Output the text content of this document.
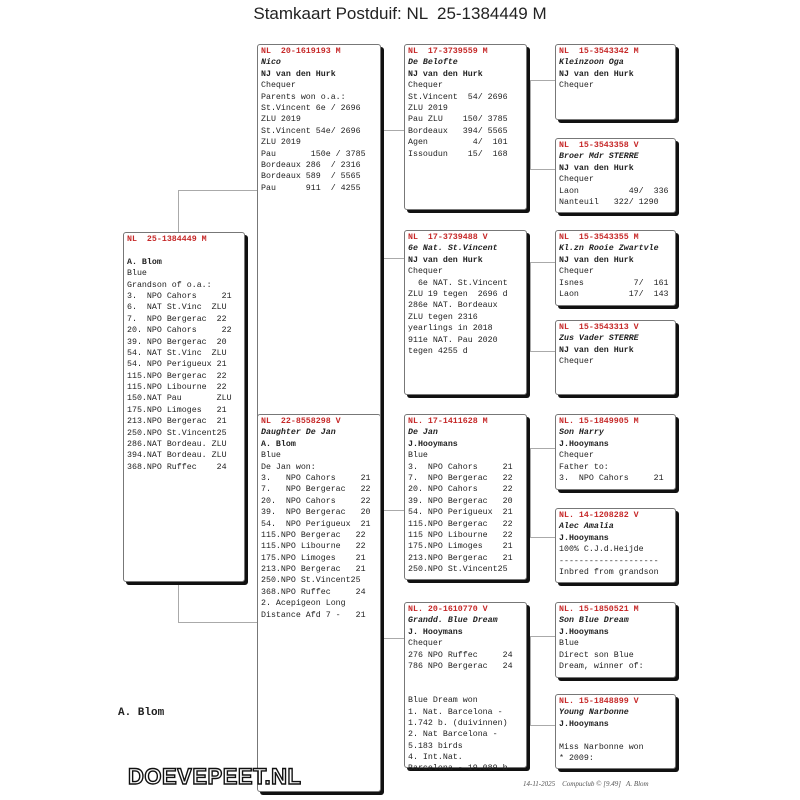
Stamkaart Postduif: NL  25-1384449 M
NL  25-1384449 M
A. Blom
Blue
Grandson of o.a.:
3.  NPO Cahors     21
6.  NAT St.Vinc  ZLU
7.  NPO Bergerac  22
20. NPO Cahors     22
39. NPO Bergerac  20
54. NAT St.Vinc  ZLU
54. NPO Perigueux 21
115.NPO Bergerac  22
115.NPO Libourne  22
150.NAT Pau       ZLU
175.NPO Limoges   21
213.NPO Bergerac  21
250.NPO St.Vincent25
286.NAT Bordeau. ZLU
394.NAT Bordeau. ZLU
368.NPO Ruffec    24
NL  20-1619193 M
Nico
NJ van den Hurk
Chequer
Parents won o.a.:
St.Vincent 6e / 2696
ZLU 2019
St.Vincent 54e/ 2696
ZLU 2019
Pau       150e / 3785
Bordeaux 286  / 2316
Bordeaux 589  / 5565
Pau      911  / 4255
NL  22-8558298 V
Daughter De Jan
A. Blom
Blue
De Jan won:
3.   NPO Cahors     21
7.   NPO Bergerac   22
20.  NPO Cahors     22
39.  NPO Bergerac   20
54.  NPO Perigueux  21
115.NPO Bergerac   22
115.NPO Libourne   22
175.NPO Limoges    21
213.NPO Bergerac   21
250.NPO St.Vincent25
368.NPO Ruffec     24
2. Acepigeon Long
Distance Afd 7 -   21
NL  17-3739559 M
De Belofte
NJ van den Hurk
Chequer
St.Vincent  54/ 2696
ZLU 2019
Pau ZLU    150/ 3785
Bordeaux   394/ 5565
Agen         4/  101
Issoudun    15/  168
NL  17-3739488 V
6e Nat. St.Vincent
NJ van den Hurk
Chequer
6e NAT. St.Vincent
ZLU 19 tegen  2696 d
286e NAT. Bordeaux
ZLU tegen 2316
yearlings in 2018
911e NAT. Pau 2020
tegen 4255 d
NL. 17-1411628 M
De Jan
J.Hooymans
Blue
3.  NPO Cahors     21
7.  NPO Bergerac   22
20. NPO Cahors     22
39. NPO Bergerac   20
54. NPO Perigueux  21
115.NPO Bergerac   22
115 NPO Libourne   22
175.NPO Limoges    21
213.NPO Bergerac   21
250.NPO St.Vincent25
NL. 20-1610770 V
Grandd. Blue Dream
J. Hooymans
Chequer
276 NPO Ruffec     24
786 NPO Bergerac   24
Blue Dream won
1. Nat. Barcelona -
1.742 b. (duivinnen)
2. Nat Barcelona -
5.183 birds
4. Int.Nat.
Barcelona - 19.089 b
NL  15-3543342 M
Kleinzoon Oga
NJ van den Hurk
Chequer
NL  15-3543358 V
Broer Mdr STERRE
NJ van den Hurk
Chequer
Laon          49/  336
Nanteuil   322/ 1290
NL  15-3543355 M
Kl.zn Rooie Zwartvle
NJ van den Hurk
Chequer
Isnes          7/  161
Laon          17/  143
NL  15-3543313 V
Zus Vader STERRE
NJ van den Hurk
Chequer
NL. 15-1849905 M
Son Harry
J.Hooymans
Chequer
Father to:
3.  NPO Cahors     21
NL. 14-1208282 V
Alec Amalia
J.Hooymans
100% C.J.d.Heijde
--------------------
Inbred from grandson
NL. 15-1850521 M
Son Blue Dream
J.Hooymans
Blue
Direct son Blue
Dream, winner of:
NL. 15-1848899 V
Young Narbonne
J.Hooymans
Miss Narbonne won
* 2009:
A. Blom
DOEVEPEET.NL	14-11-2025    Compuclub © [9.49]   A. Blom
